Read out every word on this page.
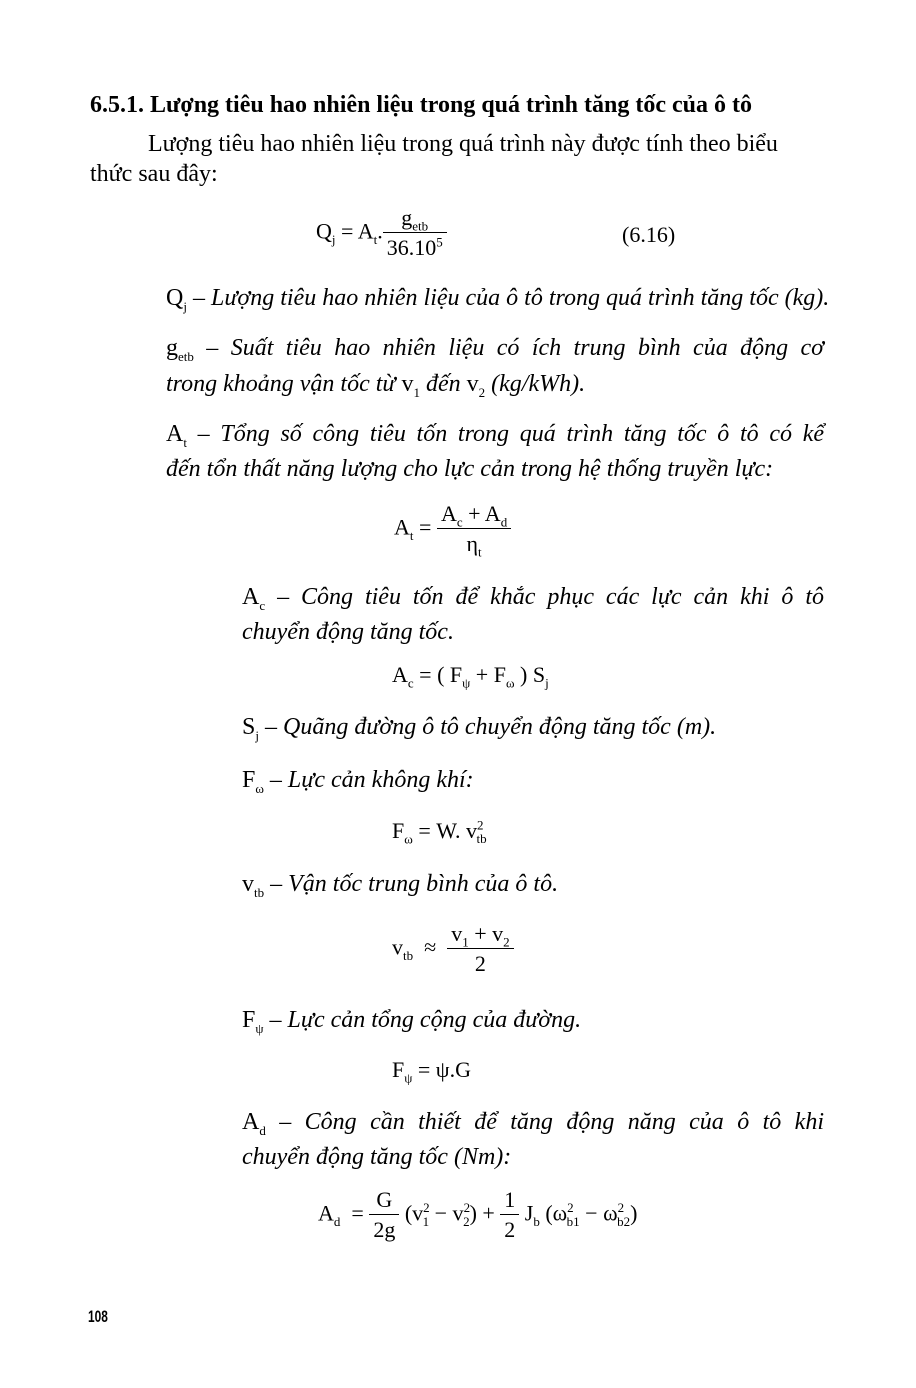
6.5.1. Lượng tiêu hao nhiên liệu trong quá trình tăng tốc của ô tô
Lượng tiêu hao nhiên liệu trong quá trình này được tính theo biểu
thức sau đây:
$Q_j = A_t$. $\frac{g_{etb}}{36.10^5}$	(6.16)
$Q_j$ – Lượng tiêu hao nhiên liệu của ô tô trong quá trình tăng tốc (kg).
$g_{etb}$ – Suất tiêu hao nhiên liệu có ích trung bình của động cơ
trong khoảng vận tốc từ $v_1$ đến $v_2$ (kg/kWh).
$A_t$ – Tổng số công tiêu tốn trong quá trình tăng tốc ô tô có kể
đến tổn thất năng lượng cho lực cản trong hệ thống truyền lực:
$A_t = \frac{A_c + A_d}{\eta_t}$
$A_c$ – Công tiêu tốn để khắc phục các lực cản khi ô tô
chuyển động tăng tốc.
$A_c$ = ( $F_\psi + F_\omega$ ) $S_j$
$S_j$ – Quãng đường ô tô chuyển động tăng tốc (m).
$F_\omega$ – Lực cản không khí:
$F_\omega = W$. $v^2_{tb}$
$v_{tb}$ – Vận tốc trung bình của ô tô.
$v_{tb} \approx \frac{v_1 + v_2}{2}$
$F_\psi$ – Lực cản tổng cộng của đường.
$F_\psi = \psi.G$
$A_d$ – Công cần thiết để tăng động năng của ô tô khi
chuyển động tăng tốc (Nm):
$A_d = \frac{G}{2g} (v^2_1 - v^2_2) + \frac{1}{2} J_b$ $(\omega^2_{b1} - \omega^2_{b2})$
108
